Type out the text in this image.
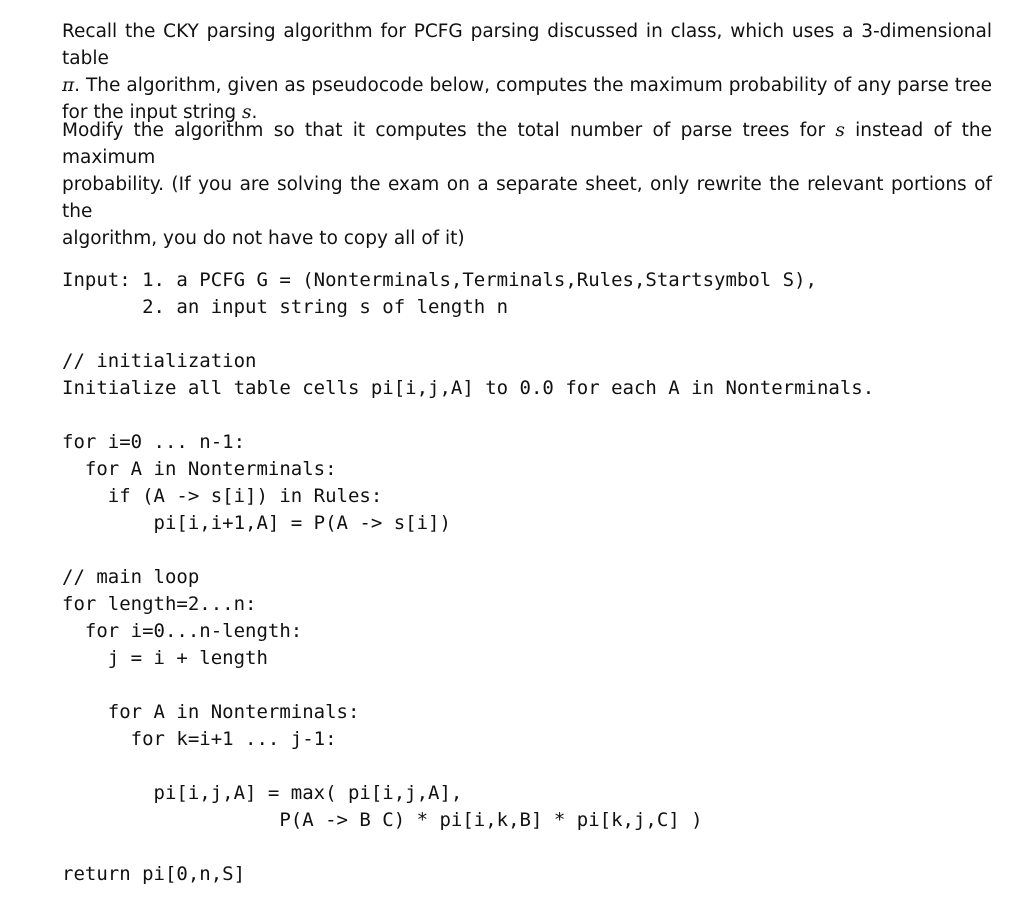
Recall the CKY parsing algorithm for PCFG parsing discussed in class, which uses a 3-dimensional table
π. The algorithm, given as pseudocode below, computes the maximum probability of any parse tree
for the input string s.
Modify the algorithm so that it computes the total number of parse trees for s instead of the maximum
probability. (If you are solving the exam on a separate sheet, only rewrite the relevant portions of the
algorithm, you do not have to copy all of it)

Input: 1. a PCFG G = (Nonterminals,Terminals,Rules,Startsymbol S),
2. an input string s of length n

// initialization
Initialize all table cells pi[i,j,A] to 0.0 for each A in Nonterminals.

for i=0 ... n-1:
for A in Nonterminals:
if (A -> s[i]) in Rules:
pi[i,i+1,A] = P(A -> s[i])

// main loop
for length=2...n:
for i=0...n-length:
j = i + length

for A in Nonterminals:
for k=i+1 ... j-1:

pi[i,j,A] = max( pi[i,j,A],
P(A -> B C) * pi[i,k,B] * pi[k,j,C] )

return pi[0,n,S]
